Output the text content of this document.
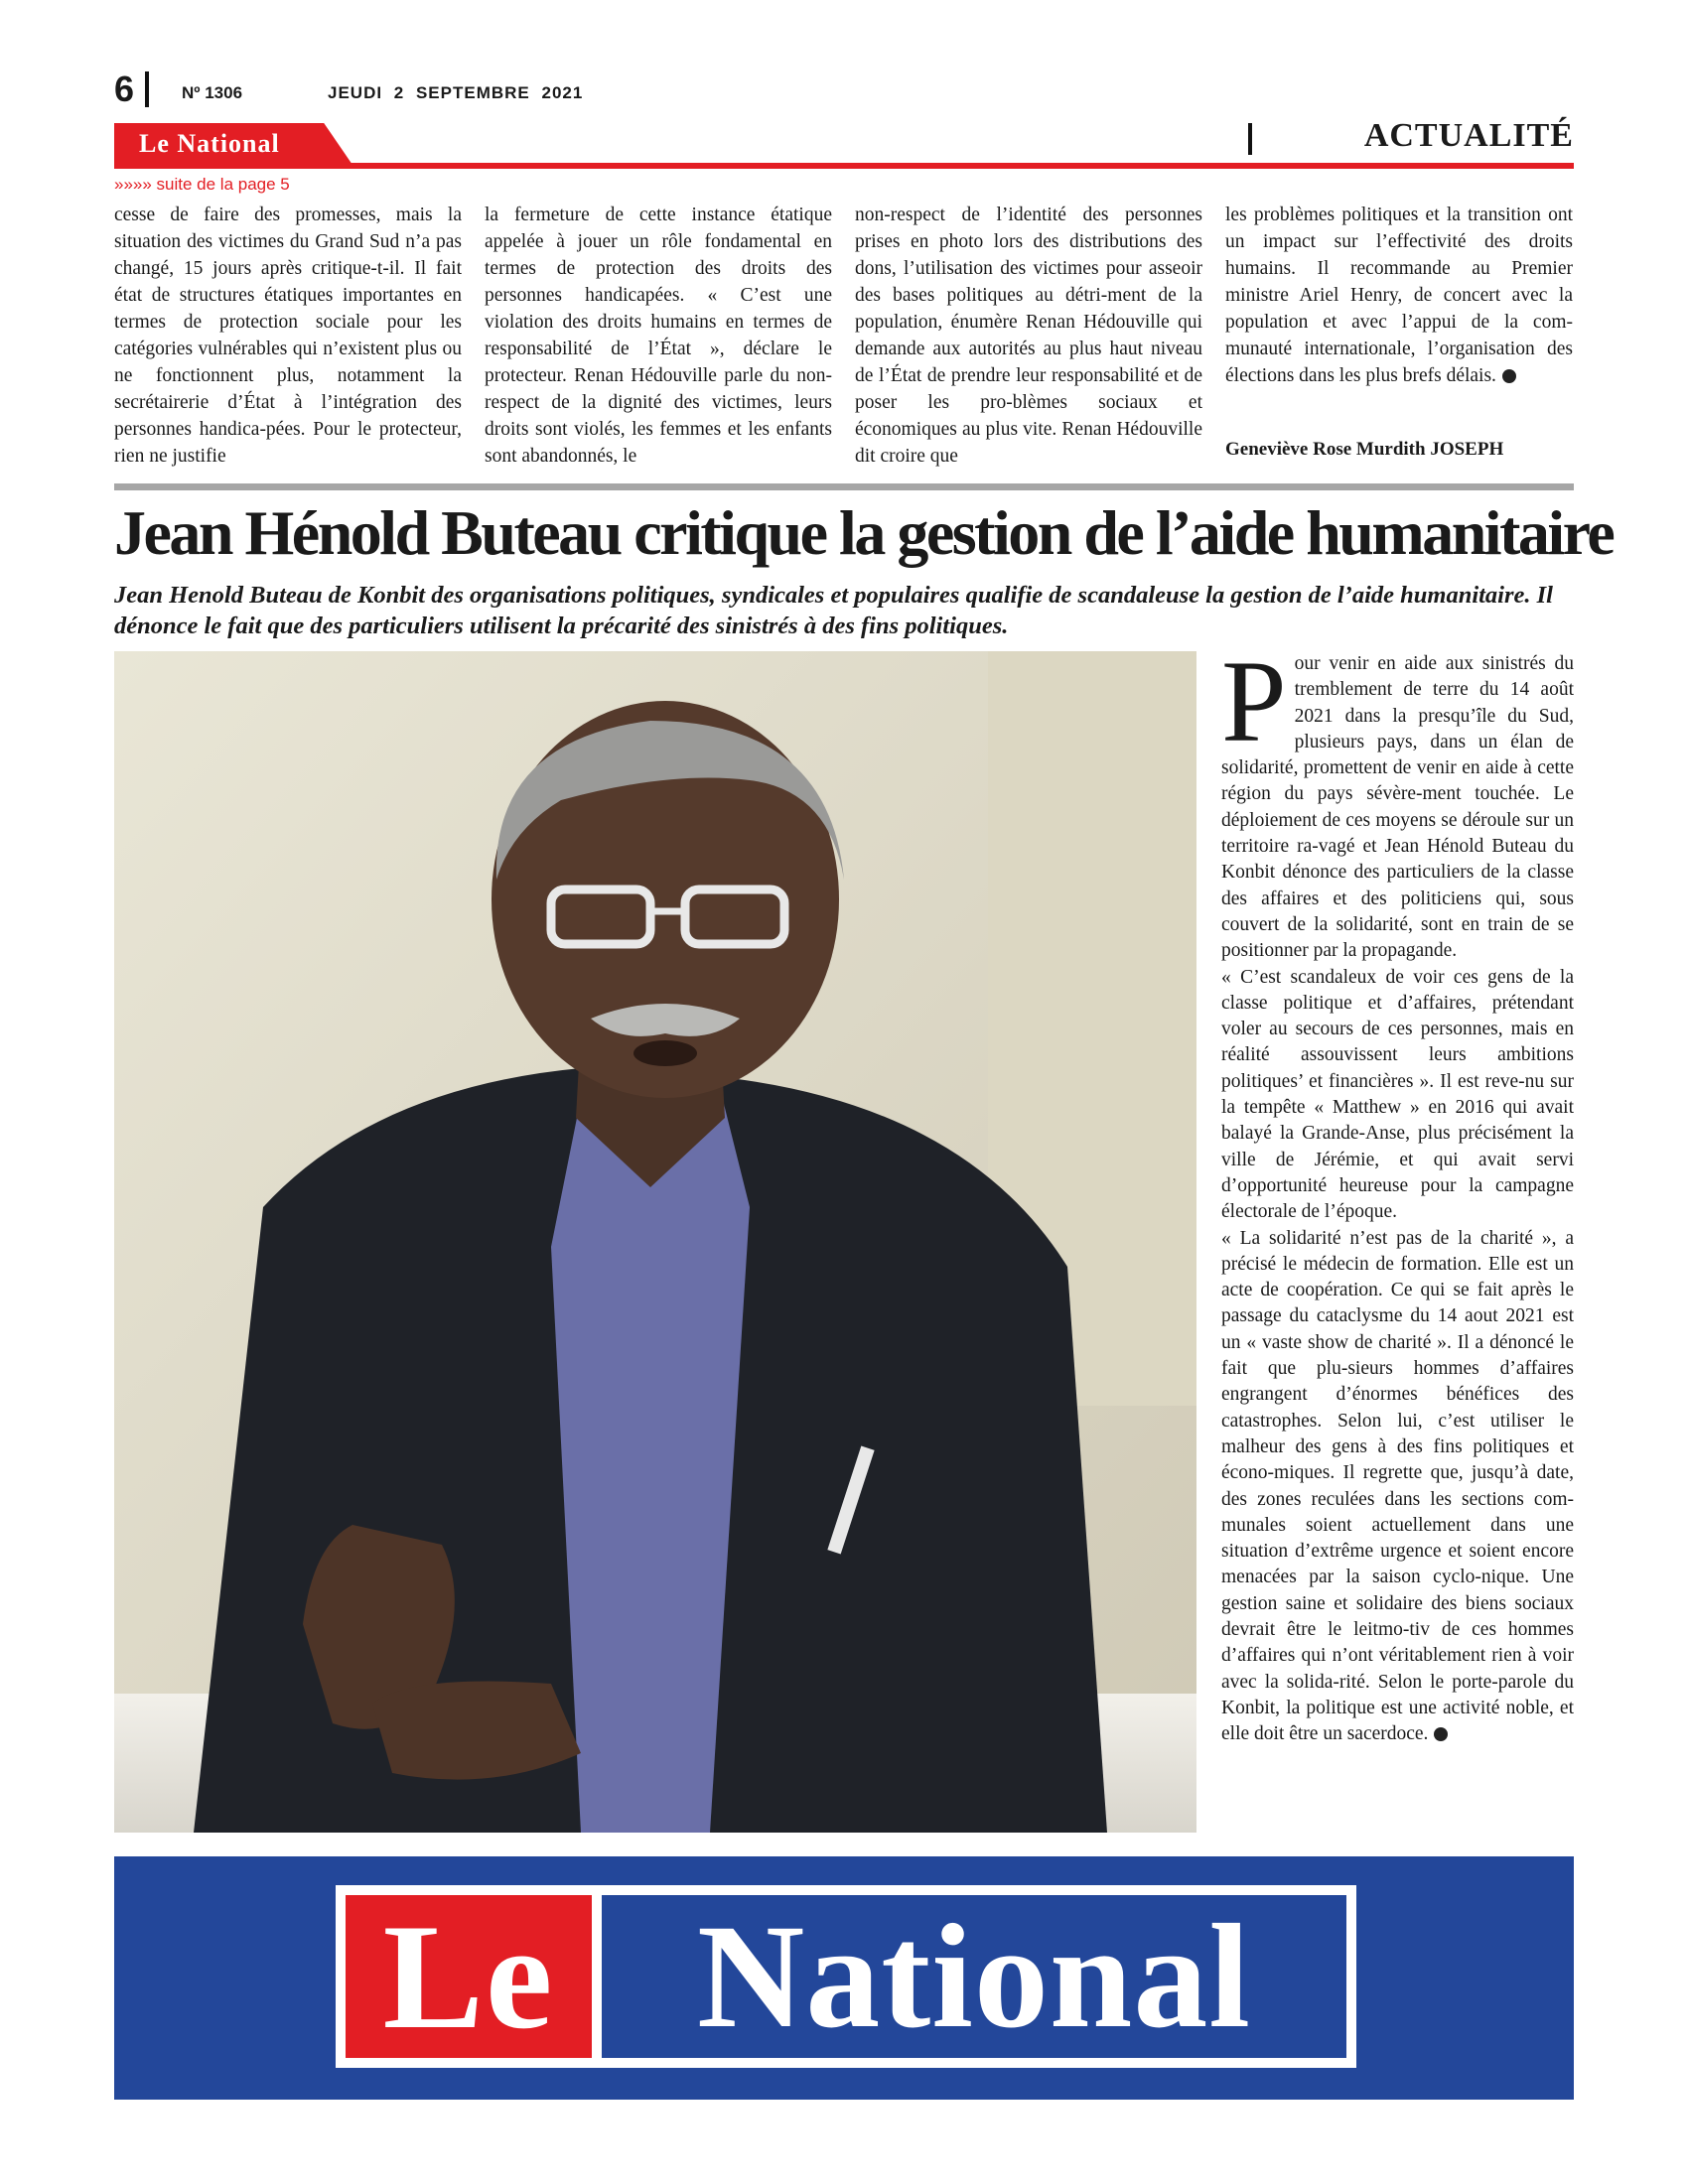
6	Nº 1306	JEUDI 2 SEPTEMBRE 2021
Le National	ACTUALITÉ
»»»» suite de la page 5
cesse de faire des promesses, mais la situation des victimes du Grand Sud n’a pas changé, 15 jours après critique-t-il. Il fait état de structures étatiques importantes en termes de protection sociale pour les catégories vulnérables qui n’existent plus ou ne fonctionnent plus, notamment la secrétairerie d’État à l’intégration des personnes handica-pées. Pour le protecteur, rien ne justifie
la fermeture de cette instance étatique appelée à jouer un rôle fondamental en termes de protection des droits des personnes handicapées. « C’est une violation des droits humains en termes de responsabilité de l’État », déclare le protecteur. Renan Hédouville parle du non-respect de la dignité des victimes, leurs droits sont violés, les femmes et les enfants sont abandonnés, le
non-respect de l’identité des personnes prises en photo lors des distributions des dons, l’utilisation des victimes pour asseoir des bases politiques au détri-ment de la population, énumère Renan Hédouville qui demande aux autorités au plus haut niveau de l’État de prendre leur responsabilité et de poser les pro-blèmes sociaux et économiques au plus vite. Renan Hédouville dit croire que
les problèmes politiques et la transition ont un impact sur l’effectivité des droits humains. Il recommande au Premier ministre Ariel Henry, de concert avec la population et avec l’appui de la com-munauté internationale, l’organisation des élections dans les plus brefs délais.
Geneviève Rose Murdith JOSEPH
Jean Hénold Buteau critique la gestion de l’aide humanitaire
Jean Henold Buteau de Konbit des organisations politiques, syndicales et populaires qualifie de scandaleuse la gestion de l’aide humanitaire. Il dénonce le fait que des particuliers utilisent la précarité des sinistrés à des fins politiques.
P our venir en aide aux sinistrés du tremblement de terre du 14 août 2021 dans la presqu’île du Sud, plusieurs pays, dans un élan de solidarité, promettent de venir en aide à cette région du pays sévère-ment touchée. Le déploiement de ces moyens se déroule sur un territoire ra-vagé et Jean Hénold Buteau du Konbit dénonce des particuliers de la classe des affaires et des politiciens qui, sous couvert de la solidarité, sont en train de se positionner par la propagande.

« C’est scandaleux de voir ces gens de la classe politique et d’affaires, prétendant voler au secours de ces personnes, mais en réalité assouvissent leurs ambitions politiques’ et financières ». Il est reve-nu sur la tempête « Matthew » en 2016 qui avait balayé la Grande-Anse, plus précisément la ville de Jérémie, et qui avait servi d’opportunité heureuse pour la campagne électorale de l’époque.

« La solidarité n’est pas de la charité », a précisé le médecin de formation. Elle est un acte de coopération. Ce qui se fait après le passage du cataclysme du 14 aout 2021 est un « vaste show de charité ». Il a dénoncé le fait que plu-sieurs hommes d’affaires engrangent d’énormes bénéfices des catastrophes. Selon lui, c’est utiliser le malheur des gens à des fins politiques et écono-miques. Il regrette que, jusqu’à date, des zones reculées dans les sections com-munales soient actuellement dans une situation d’extrême urgence et soient encore menacées par la saison cyclo-nique. Une gestion saine et solidaire des biens sociaux devrait être le leitmo-tiv de ces hommes d’affaires qui n’ont véritablement rien à voir avec la solida-rité. Selon le porte-parole du Konbit, la politique est une activité noble, et elle doit être un sacerdoce.

Le National
